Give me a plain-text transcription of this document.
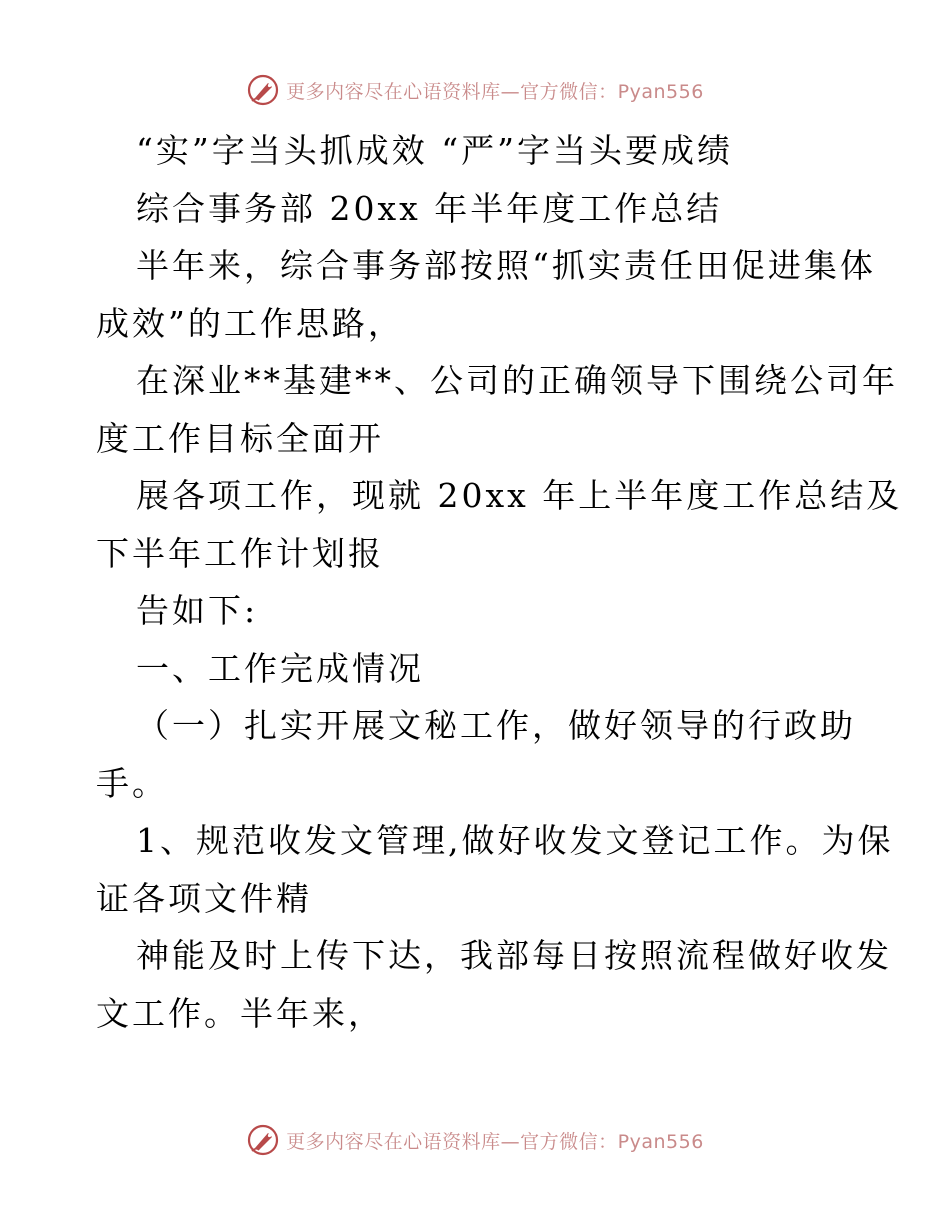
更多内容尽在心语资料库—官方微信：Pyan556
“实”字当头抓成效 “严”字当头要成绩
综合事务部 20xx 年半年度工作总结
半年来，综合事务部按照“抓实责任田促进集体
成效”的工作思路，
在深业**基建**、公司的正确领导下围绕公司年
度工作目标全面开
展各项工作，现就 20xx 年上半年度工作总结及
下半年工作计划报
告如下:
一、工作完成情况
（一）扎实开展文秘工作，做好领导的行政助
手。
1、规范收发文管理,做好收发文登记工作。为保
证各项文件精
神能及时上传下达，我部每日按照流程做好收发
文工作。半年来，
更多内容尽在心语资料库—官方微信：Pyan556
